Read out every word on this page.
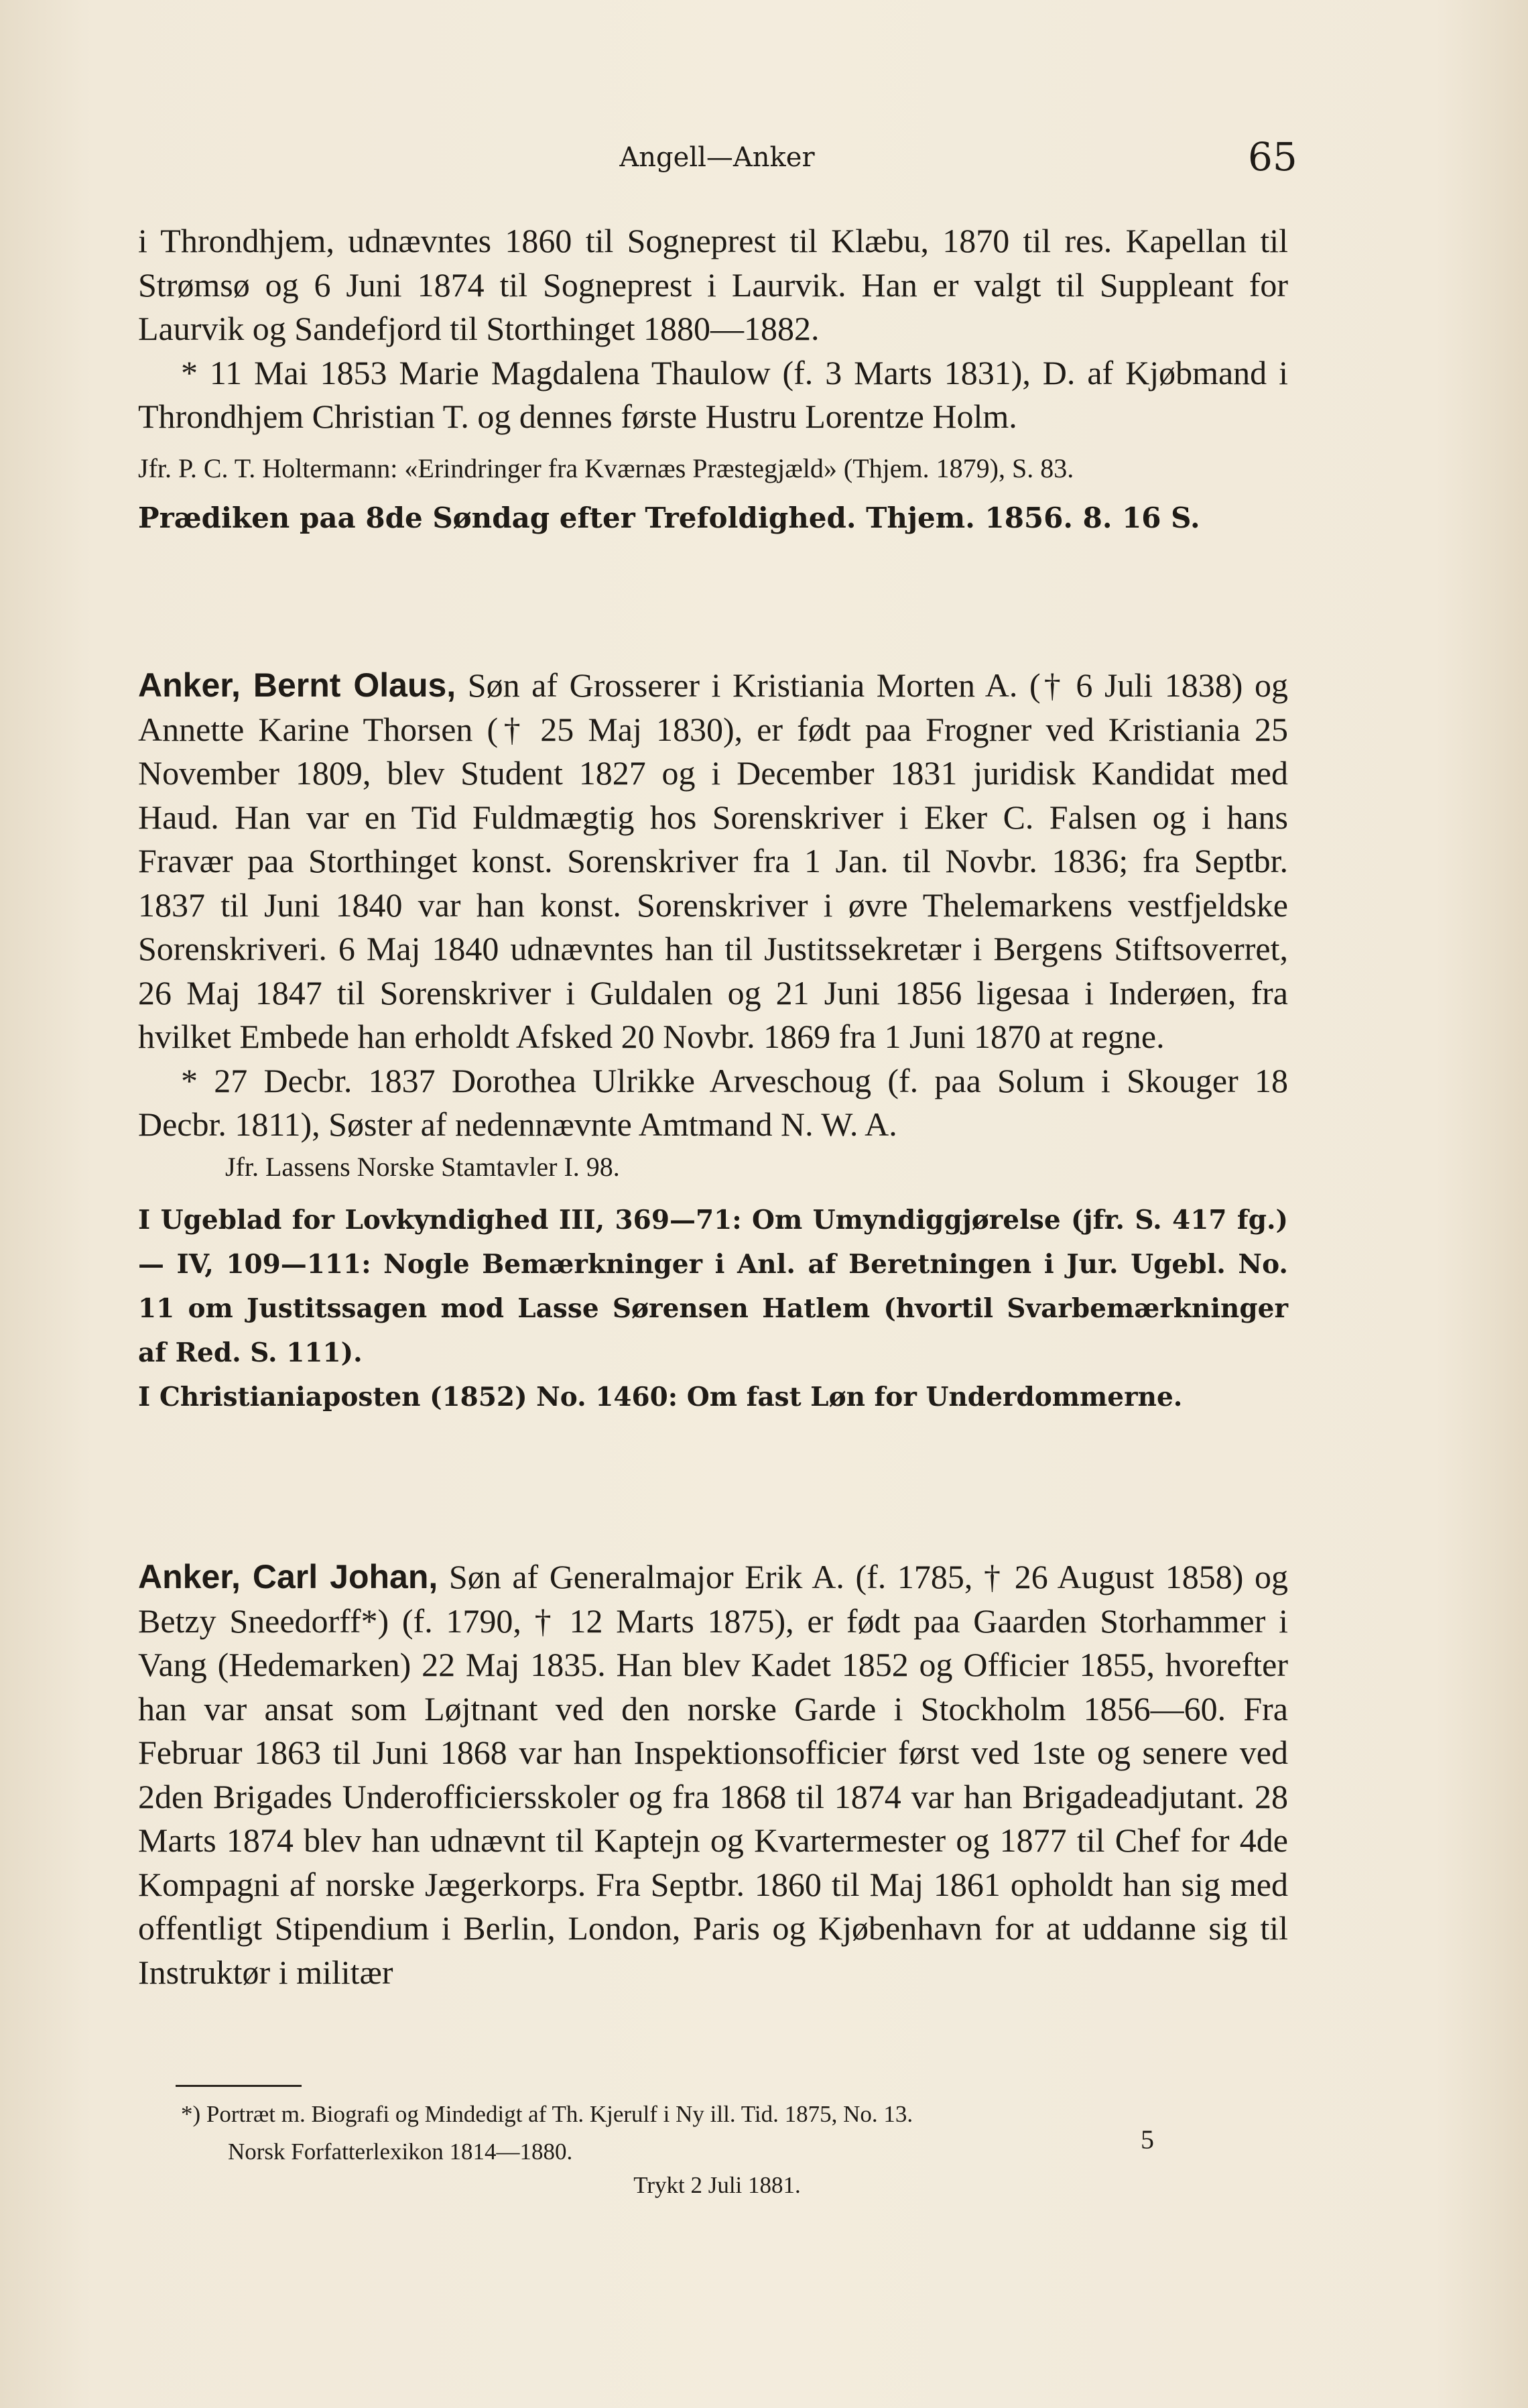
Angell—Anker	65

i Throndhjem, udnævntes 1860 til Sogneprest til Klæbu, 1870 til res. Kapellan til Strømsø og 6 Juni 1874 til Sogneprest i Laurvik. Han er valgt til Suppleant for Laurvik og Sandefjord til Storthinget 1880—1882.

* 11 Mai 1853 Marie Magdalena Thaulow (f. 3 Marts 1831), D. af Kjøbmand i Throndhjem Christian T. og dennes første Hustru Lorentze Holm.

Jfr. P. C. T. Holtermann: «Erindringer fra Kværnæs Præstegjæld» (Thjem. 1879), S. 83.

Prædiken paa 8de Søndag efter Trefoldighed. Thjem. 1856. 8. 16 S.

Anker, Bernt Olaus, Søn af Grosserer i Kristiania Morten A. († 6 Juli 1838) og Annette Karine Thorsen († 25 Maj 1830), er født paa Frogner ved Kristiania 25 November 1809, blev Student 1827 og i December 1831 juridisk Kandidat med Haud. Han var en Tid Fuldmægtig hos Sorenskriver i Eker C. Falsen og i hans Fravær paa Storthinget konst. Sorenskriver fra 1 Jan. til Novbr. 1836; fra Septbr. 1837 til Juni 1840 var han konst. Sorenskriver i øvre Thelemarkens vestfjeldske Sorenskriveri. 6 Maj 1840 udnævntes han til Justitssekretær i Bergens Stiftsoverret, 26 Maj 1847 til Sorenskriver i Guldalen og 21 Juni 1856 ligesaa i Inderøen, fra hvilket Embede han erholdt Afsked 20 Novbr. 1869 fra 1 Juni 1870 at regne.

* 27 Decbr. 1837 Dorothea Ulrikke Arveschoug (f. paa Solum i Skouger 18 Decbr. 1811), Søster af nedennævnte Amtmand N. W. A.

Jfr. Lassens Norske Stamtavler I. 98.

I Ugeblad for Lovkyndighed III, 369—71: Om Umyndiggjørelse (jfr. S. 417 fg.) — IV, 109—111: Nogle Bemærkninger i Anl. af Beretningen i Jur. Ugebl. No. 11 om Justitssagen mod Lasse Sørensen Hatlem (hvortil Svarbemærkninger af Red. S. 111).

I Christianiaposten (1852) No. 1460: Om fast Løn for Underdommerne.

Anker, Carl Johan, Søn af Generalmajor Erik A. (f. 1785, † 26 August 1858) og Betzy Sneedorff*) (f. 1790, † 12 Marts 1875), er født paa Gaarden Storhammer i Vang (Hedemarken) 22 Maj 1835. Han blev Kadet 1852 og Officier 1855, hvorefter han var ansat som Løjtnant ved den norske Garde i Stockholm 1856—60. Fra Februar 1863 til Juni 1868 var han Inspektionsofficier først ved 1ste og senere ved 2den Brigades Underofficiersskoler og fra 1868 til 1874 var han Brigadeadjutant. 28 Marts 1874 blev han udnævnt til Kaptejn og Kvartermester og 1877 til Chef for 4de Kompagni af norske Jægerkorps. Fra Septbr. 1860 til Maj 1861 opholdt han sig med offentligt Stipendium i Berlin, London, Paris og Kjøbenhavn for at uddanne sig til Instruktør i militær

*) Portræt m. Biografi og Mindedigt af Th. Kjerulf i Ny ill. Tid. 1875, No. 13.
Norsk Forfatterlexikon 1814—1880.	5
Trykt 2 Juli 1881.
